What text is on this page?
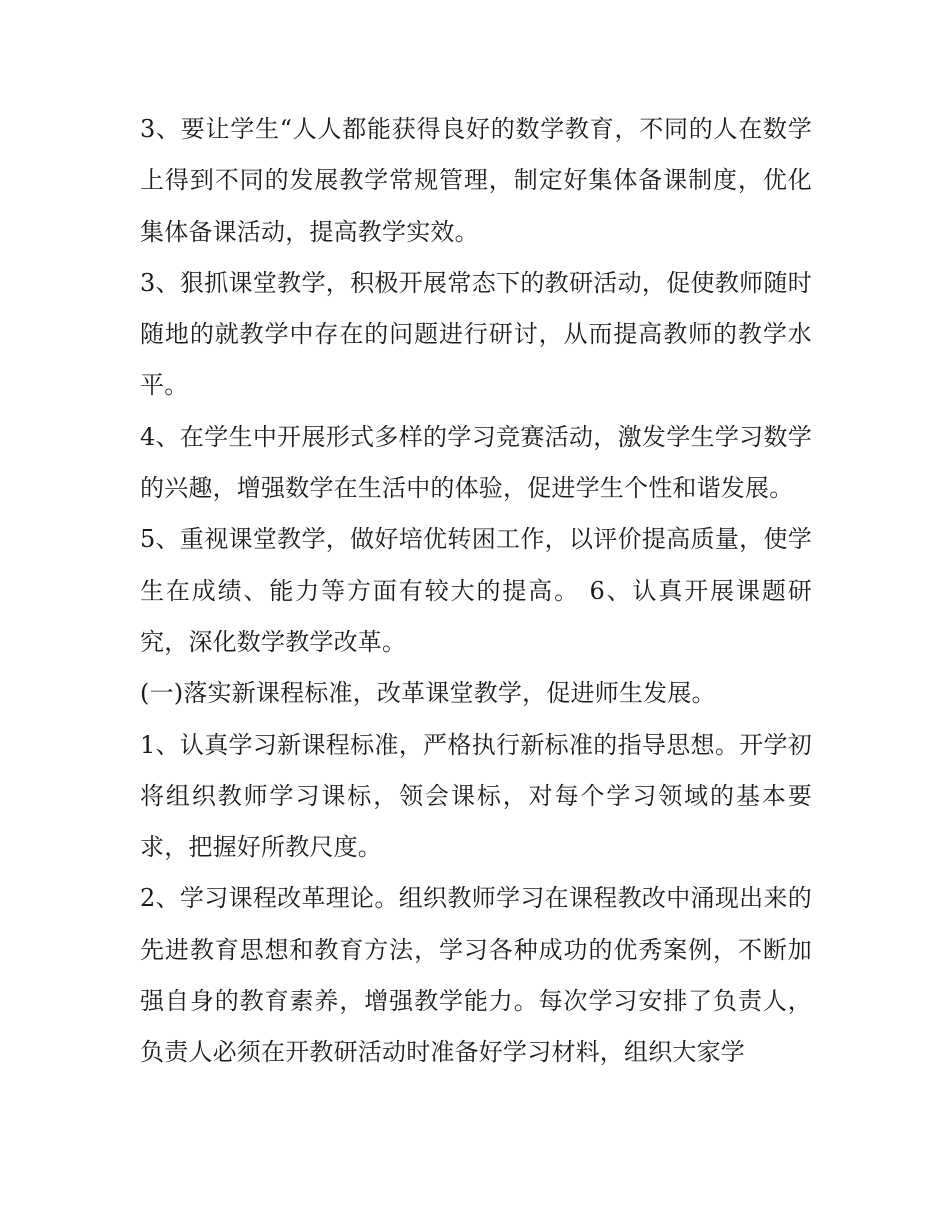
3、要让学生“人人都能获得良好的数学教育，不同的人在数学上得到不同的发展教学常规管理，制定好集体备课制度，优化集体备课活动，提高教学实效。

3、狠抓课堂教学，积极开展常态下的教研活动，促使教师随时随地的就教学中存在的问题进行研讨，从而提高教师的教学水平。

4、在学生中开展形式多样的学习竞赛活动，激发学生学习数学的兴趣，增强数学在生活中的体验，促进学生个性和谐发展。

5、重视课堂教学，做好培优转困工作，以评价提高质量，使学生在成绩、能力等方面有较大的提高。 6、认真开展课题研究，深化数学教学改革。

(一)落实新课程标准，改革课堂教学，促进师生发展。

1、认真学习新课程标准，严格执行新标准的指导思想。开学初将组织教师学习课标，领会课标，对每个学习领域的基本要求，把握好所教尺度。

2、学习课程改革理论。组织教师学习在课程教改中涌现出来的先进教育思想和教育方法，学习各种成功的优秀案例，不断加强自身的教育素养，增强教学能力。每次学习安排了负责人，负责人必须在开教研活动时准备好学习材料，组织大家学
